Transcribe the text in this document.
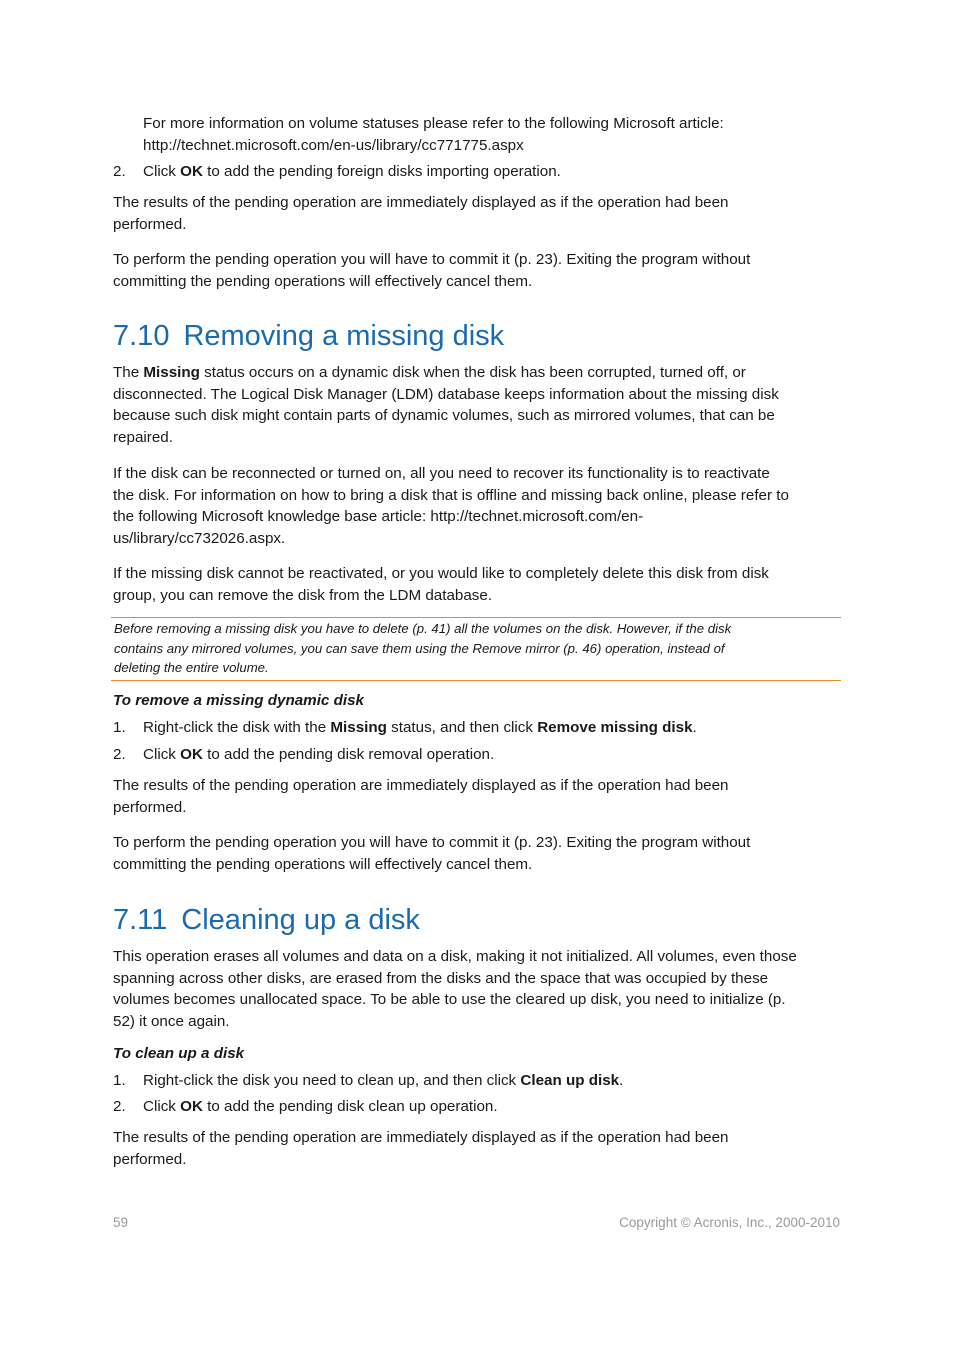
For more information on volume statuses please refer to the following Microsoft article:
http://technet.microsoft.com/en-us/library/cc771775.aspx
2. Click OK to add the pending foreign disks importing operation.
The results of the pending operation are immediately displayed as if the operation had been
performed.
To perform the pending operation you will have to commit it (p. 23). Exiting the program without
committing the pending operations will effectively cancel them.
7.10 Removing a missing disk
The Missing status occurs on a dynamic disk when the disk has been corrupted, turned off, or
disconnected. The Logical Disk Manager (LDM) database keeps information about the missing disk
because such disk might contain parts of dynamic volumes, such as mirrored volumes, that can be
repaired.
If the disk can be reconnected or turned on, all you need to recover its functionality is to reactivate
the disk. For information on how to bring a disk that is offline and missing back online, please refer to
the following Microsoft knowledge base article: http://technet.microsoft.com/en-
us/library/cc732026.aspx.
If the missing disk cannot be reactivated, or you would like to completely delete this disk from disk
group, you can remove the disk from the LDM database.
Before removing a missing disk you have to delete (p. 41) all the volumes on the disk. However, if the disk
contains any mirrored volumes, you can save them using the Remove mirror (p. 46) operation, instead of
deleting the entire volume.
To remove a missing dynamic disk
1. Right-click the disk with the Missing status, and then click Remove missing disk.
2. Click OK to add the pending disk removal operation.
The results of the pending operation are immediately displayed as if the operation had been
performed.
To perform the pending operation you will have to commit it (p. 23). Exiting the program without
committing the pending operations will effectively cancel them.
7.11 Cleaning up a disk
This operation erases all volumes and data on a disk, making it not initialized. All volumes, even those
spanning across other disks, are erased from the disks and the space that was occupied by these
volumes becomes unallocated space. To be able to use the cleared up disk, you need to initialize (p.
52) it once again.
To clean up a disk
1. Right-click the disk you need to clean up, and then click Clean up disk.
2. Click OK to add the pending disk clean up operation.
The results of the pending operation are immediately displayed as if the operation had been
performed.
59	Copyright © Acronis, Inc., 2000-2010
